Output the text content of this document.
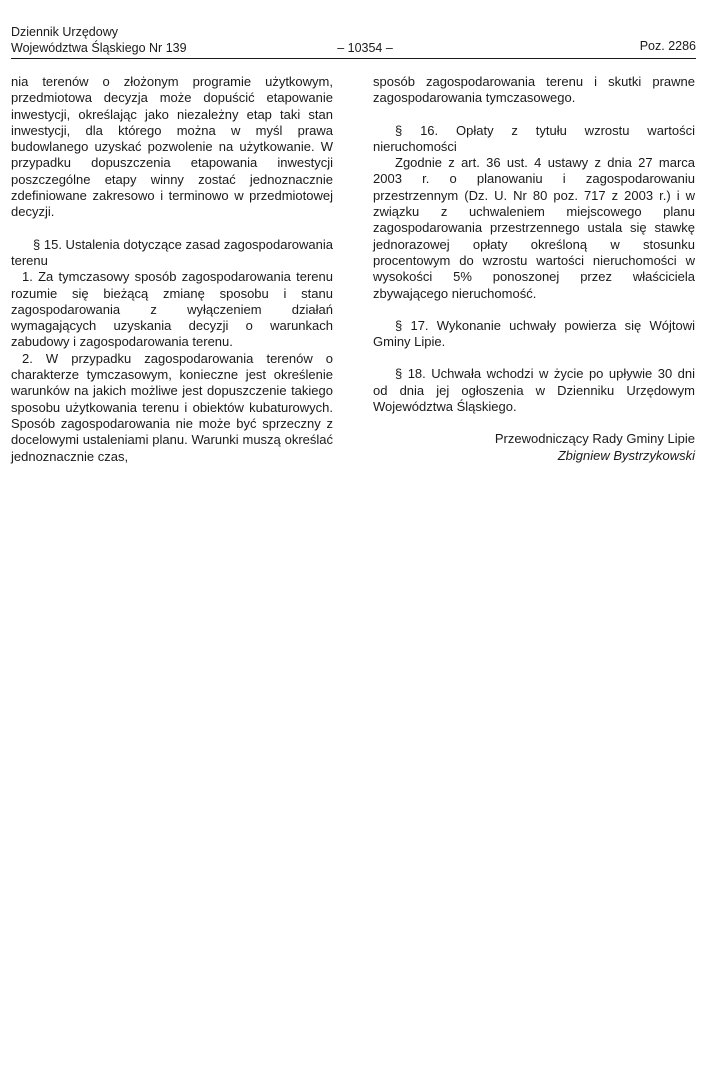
Dziennik Urzędowy
Województwa Śląskiego Nr 139	– 10354 –	Poz. 2286

nia terenów o złożonym programie użytkowym, przedmiotowa decyzja może dopuścić etapowanie inwestycji, określając jako niezależny etap taki stan inwestycji, dla którego można w myśl prawa budowlanego uzyskać pozwolenie na użytkowanie. W przypadku dopuszczenia etapowania inwestycji poszczególne etapy winny zostać jednoznacznie zdefiniowane zakresowo i terminowo w przedmiotowej decyzji.

§ 15. Ustalenia dotyczące zasad zagospodarowania terenu

1. Za tymczasowy sposób zagospodarowania terenu rozumie się bieżącą zmianę sposobu i stanu zagospodarowania z wyłączeniem działań wymagających uzyskania decyzji o warunkach zabudowy i zagospodarowania terenu.

2. W przypadku zagospodarowania terenów o charakterze tymczasowym, konieczne jest określenie warunków na jakich możliwe jest dopuszczenie takiego sposobu użytkowania terenu i obiektów kubaturowych. Sposób zagospodarowania nie może być sprzeczny z docelowymi ustaleniami planu. Warunki muszą określać jednoznacznie czas,

sposób zagospodarowania terenu i skutki prawne zagospodarowania tymczasowego.

§ 16. Opłaty z tytułu wzrostu wartości nieruchomości

Zgodnie z art. 36 ust. 4 ustawy z dnia 27 marca 2003 r. o planowaniu i zagospodarowaniu przestrzennym (Dz. U. Nr 80 poz. 717 z 2003 r.) i w związku z uchwaleniem miejscowego planu zagospodarowania przestrzennego ustala się stawkę jednorazowej opłaty określoną w stosunku procentowym do wzrostu wartości nieruchomości w wysokości 5% ponoszonej przez właściciela zbywającego nieruchomość.

§ 17. Wykonanie uchwały powierza się Wójtowi Gminy Lipie.

§ 18. Uchwała wchodzi w życie po upływie 30 dni od dnia jej ogłoszenia w Dzienniku Urzędowym Województwa Śląskiego.

Przewodniczący Rady Gminy Lipie
Zbigniew Bystrzykowski
